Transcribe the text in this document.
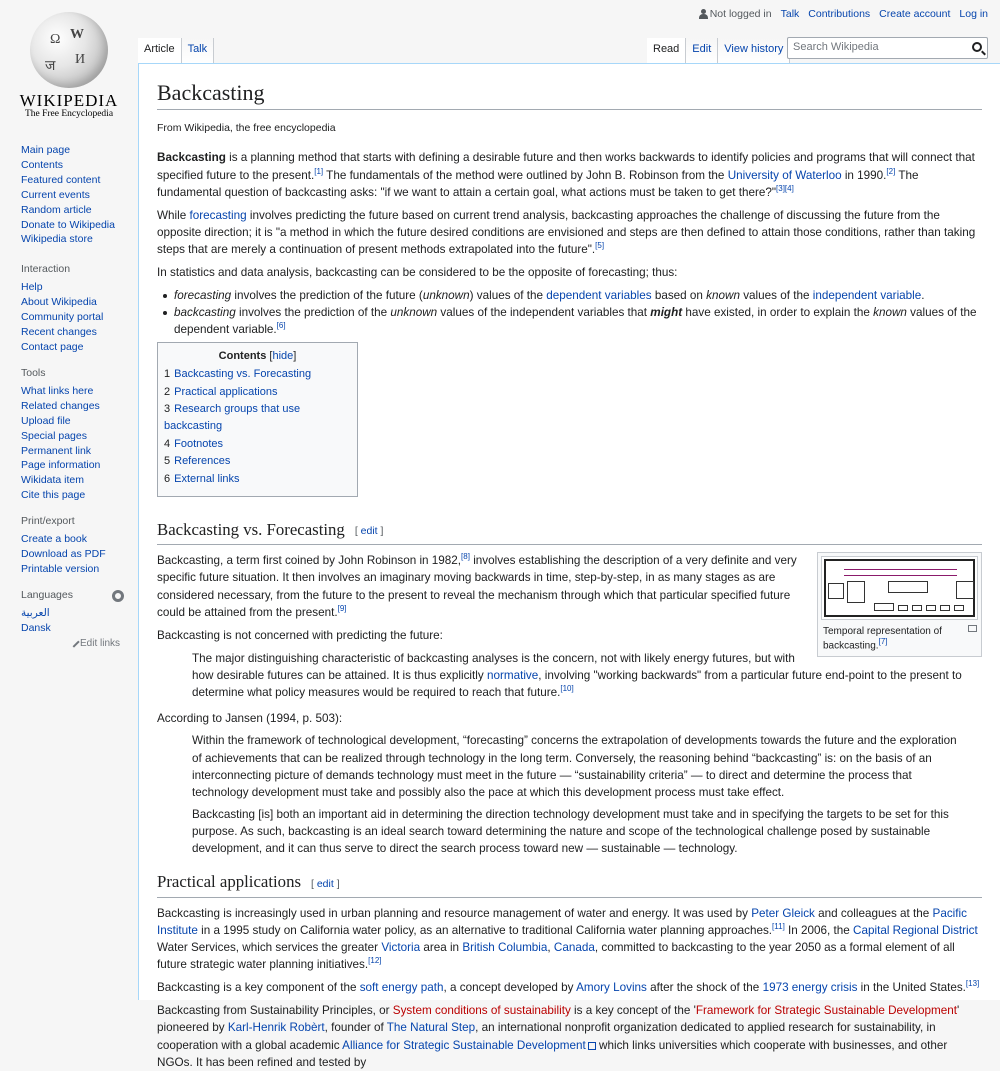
Not logged in Talk Contributions Create account Log in
Ω W
И
ज
WIKIPEDIA
The Free Encyclopedia
Main page
Contents
Featured content
Current events
Random article
Donate to Wikipedia
Wikipedia store
Interaction
Help
About Wikipedia
Community portal
Recent changes
Contact page
Tools
What links here
Related changes
Upload file
Special pages
Permanent link
Page information
Wikidata item
Cite this page
Print/export
Create a book
Download as PDF
Printable version
Languages
العربية
Dansk
Edit links
Article	Talk	Read	Edit	View history Search Wikipedia
Backcasting
From Wikipedia, the free encyclopedia

Backcasting is a planning method that starts with defining a desirable future and then works backwards to identify policies and programs that will connect that specified future to the present.[1] The fundamentals of the method were outlined by John B. Robinson from the University of Waterloo in 1990.[2] The fundamental question of backcasting asks: "if we want to attain a certain goal, what actions must be taken to get there?"[3][4]

While forecasting involves predicting the future based on current trend analysis, backcasting approaches the challenge of discussing the future from the opposite direction; it is "a method in which the future desired conditions are envisioned and steps are then defined to attain those conditions, rather than taking steps that are merely a continuation of present methods extrapolated into the future".[5]

In statistics and data analysis, backcasting can be considered to be the opposite of forecasting; thus:

forecasting involves the prediction of the future (unknown) values of the dependent variables based on known values of the independent variable.
backcasting involves the prediction of the unknown values of the independent variables that might have existed, in order to explain the known values of the dependent variable.[6]
Contents [hide]
1 Backcasting vs. Forecasting
2 Practical applications
3 Research groups that use backcasting
4 Footnotes
5 References
6 External links
Backcasting vs. Forecasting [ edit ]
Temporal representation of backcasting.[7]

Backcasting, a term first coined by John Robinson in 1982,[8] involves establishing the description of a very definite and very specific future situation. It then involves an imaginary moving backwards in time, step-by-step, in as many stages as are considered necessary, from the future to the present to reveal the mechanism through which that particular specified future could be attained from the present.[9]

Backcasting is not concerned with predicting the future:

The major distinguishing characteristic of backcasting analyses is the concern, not with likely energy futures, but with how desirable futures can be attained. It is thus explicitly normative, involving "working backwards" from a particular future end-point to the present to determine what policy measures would be required to reach that future.[10]

According to Jansen (1994, p. 503):

Within the framework of technological development, “forecasting” concerns the extrapolation of developments towards the future and the exploration of achievements that can be realized through technology in the long term. Conversely, the reasoning behind “backcasting” is: on the basis of an interconnecting picture of demands technology must meet in the future — “sustainability criteria” — to direct and determine the process that technology development must take and possibly also the pace at which this development process must take effect.

Backcasting [is] both an important aid in determining the direction technology development must take and in specifying the targets to be set for this purpose. As such, backcasting is an ideal search toward determining the nature and scope of the technological challenge posed by sustainable development, and it can thus serve to direct the search process toward new — sustainable — technology.

Practical applications [ edit ]

Backcasting is increasingly used in urban planning and resource management of water and energy. It was used by Peter Gleick and colleagues at the Pacific Institute in a 1995 study on California water policy, as an alternative to traditional California water planning approaches.[11] In 2006, the Capital Regional District Water Services, which services the greater Victoria area in British Columbia, Canada, committed to backcasting to the year 2050 as a formal element of all future strategic water planning initiatives.[12]

Backcasting is a key component of the soft energy path, a concept developed by Amory Lovins after the shock of the 1973 energy crisis in the United States.[13]

Backcasting from Sustainability Principles, or System conditions of sustainability is a key concept of the 'Framework for Strategic Sustainable Development' pioneered by Karl-Henrik Robèrt, founder of The Natural Step, an international nonprofit organization dedicated to applied research for sustainability, in cooperation with a global academic Alliance for Strategic Sustainable Development which links universities which cooperate with businesses, and other NGOs. It has been refined and tested by
